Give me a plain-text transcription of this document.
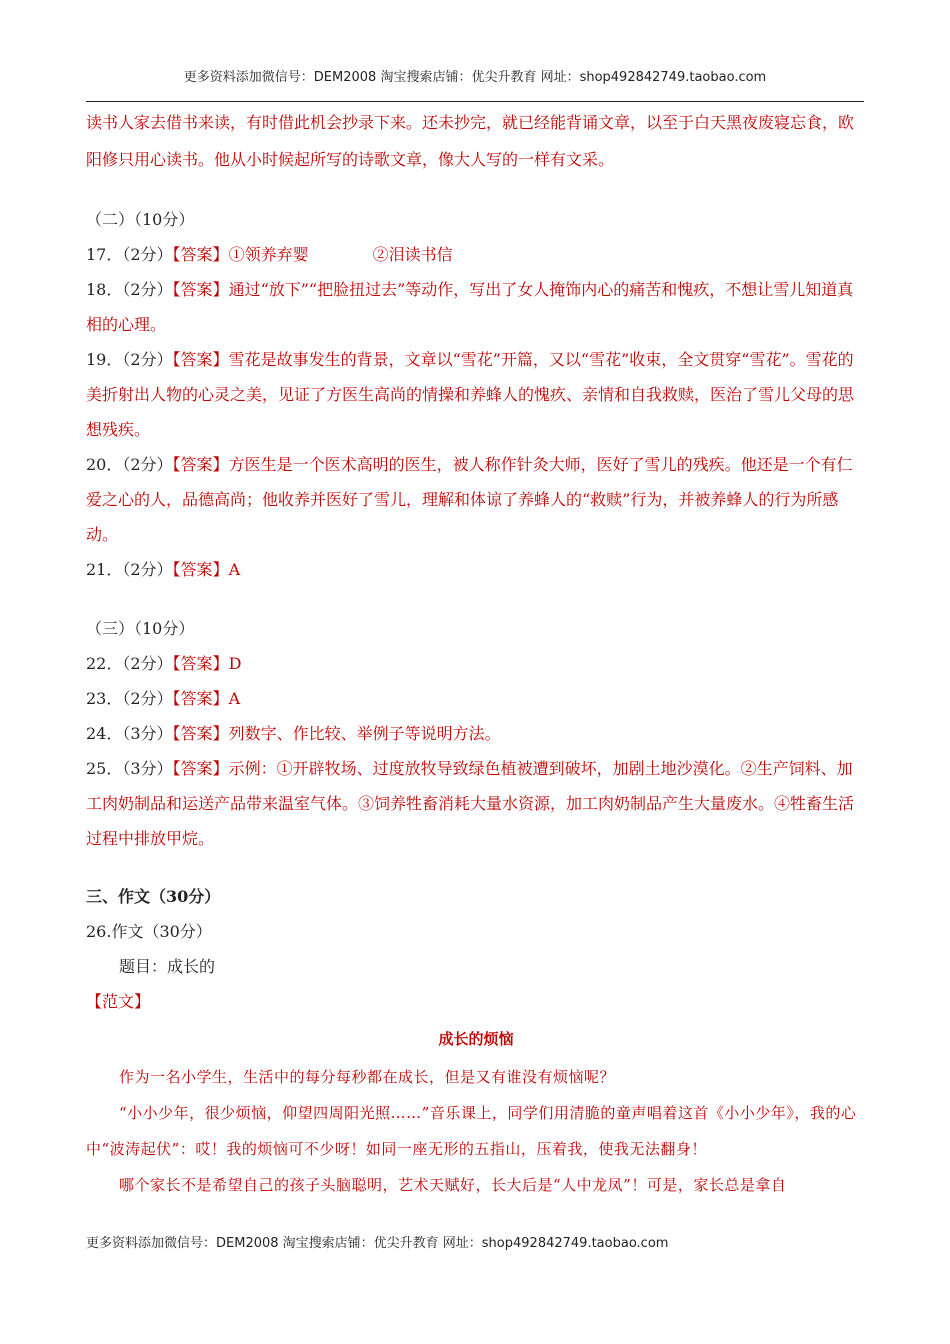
更多资料添加微信号：DEM2008 淘宝搜索店铺：优尖升教育 网址：shop492842749.taobao.com

读书人家去借书来读，有时借此机会抄录下来。还未抄完，就已经能背诵文章，以至于白天黑夜废寝忘食，欧阳修只用心读书。他从小时候起所写的诗歌文章，像大人写的一样有文采。

（二）（10分）

17．（2分）【答案】①领养弃婴　　　　②泪读书信

18．（2分）【答案】通过“放下”“把脸扭过去”等动作，写出了女人掩饰内心的痛苦和愧疚，不想让雪儿知道真相的心理。

19．（2分）【答案】雪花是故事发生的背景，文章以“雪花”开篇，又以“雪花”收束，全文贯穿“雪花”。雪花的美折射出人物的心灵之美，见证了方医生高尚的情操和养蜂人的愧疚、亲情和自我救赎，医治了雪儿父母的思想残疾。

20．（2分）【答案】方医生是一个医术高明的医生，被人称作针灸大师，医好了雪儿的残疾。他还是一个有仁爱之心的人，品德高尚；他收养并医好了雪儿，理解和体谅了养蜂人的“救赎”行为，并被养蜂人的行为所感动。

21．（2分）【答案】A

（三）（10分）

22．（2分）【答案】D

23．（2分）【答案】A

24．（3分）【答案】列数字、作比较、举例子等说明方法。

25．（3分）【答案】示例：①开辟牧场、过度放牧导致绿色植被遭到破坏，加剧土地沙漠化。②生产饲料、加工肉奶制品和运送产品带来温室气体。③饲养牲畜消耗大量水资源，加工肉奶制品产生大量废水。④牲畜生活过程中排放甲烷。

三、作文（30分）

26.作文（30分）

题目：成长的

【范文】

成长的烦恼

作为一名小学生，生活中的每分每秒都在成长，但是又有谁没有烦恼呢？

“小小少年，很少烦恼，仰望四周阳光照……”音乐课上，同学们用清脆的童声唱着这首《小小少年》，我的心中“波涛起伏”：哎！我的烦恼可不少呀！如同一座无形的五指山，压着我，使我无法翻身！

哪个家长不是希望自己的孩子头脑聪明，艺术天赋好，长大后是“人中龙凤”！可是，家长总是拿自

更多资料添加微信号：DEM2008 淘宝搜索店铺：优尖升教育 网址：shop492842749.taobao.com
